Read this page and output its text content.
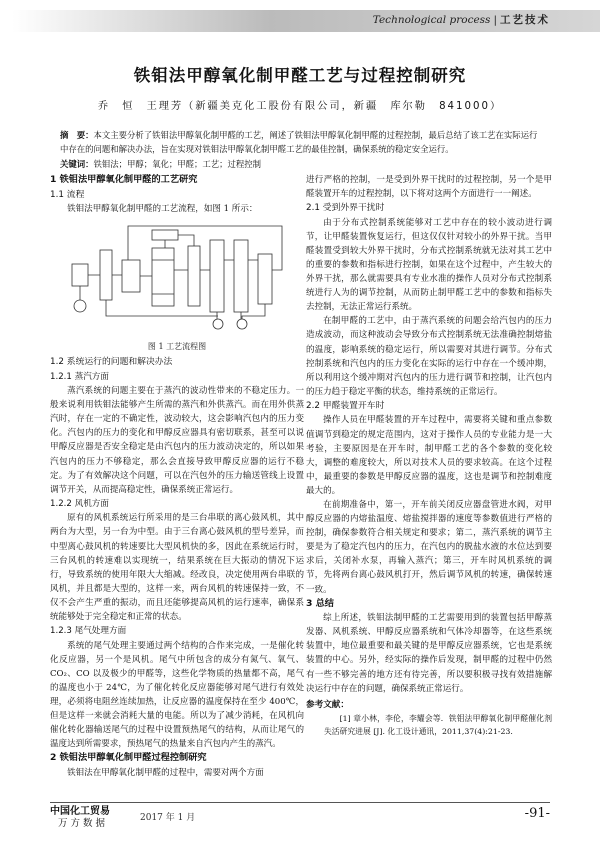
Technological process | 工艺技术
铁钼法甲醇氧化制甲醛工艺与过程控制研究
乔　恒　王理芳（新疆美克化工股份有限公司，新疆　库尔勒　841000）
摘　要：本文主要分析了铁钼法甲醇氧化制甲醛的工艺，阐述了铁钼法甲醇氧化制甲醛的过程控制，最后总结了该工艺在实际运行中存在的问题和解决办法，旨在实现对铁钼法甲醇氧化制甲醛工艺的最佳控制，确保系统的稳定安全运行。
关键词：铁钼法；甲醇；氧化；甲醛；工艺；过程控制
1 铁钼法甲醇氧化制甲醛的工艺研究
1.1 流程

铁钼法甲醇氧化制甲醛的工艺流程，如图 1 所示：

图 1 工艺流程图
1.2 系统运行的问题和解决办法
1.2.1 蒸汽方面

蒸汽系统的问题主要在于蒸汽的波动性带来的不稳定压力。一般来说利用铁钼法能够产生所需的蒸汽和外供蒸汽。而在用外供蒸汽时，存在一定的不确定性，波动较大，这会影响汽包内的压力变化。汽包内的压力的变化和甲醇反应器具有密切联系，甚至可以说甲醇反应器是否安全稳定是由汽包内的压力波动决定的，所以如果汽包内的压力不够稳定，那么会直接导致甲醇反应器的运行不稳定。为了有效解决这个问题，可以在汽包外的压力输送管线上设置调节开关，从而提高稳定性，确保系统正常运行。

1.2.2 风机方面

原有的风机系统运行所采用的是三台串联的离心鼓风机，其中两台为大型，另一台为中型。由于三台离心鼓风机的型号差异，而中型离心鼓风机的转速要比大型风机快的多，因此在系统运行时，三台风机的转速难以实现统一，结果系统在巨大振动的情况下运行，导致系统的使用年限大大缩减。经改良，决定使用两台串联的风机，并且都是大型的，这样一来，两台风机的转速保持一致，不仅不会产生严重的振动，而且还能够提高风机的运行速率，确保系统能够处于完全稳定和正常的状态。

1.2.3 尾气处理方面

系统的尾气处理主要通过两个结构的合作来完成，一是催化转化反应器，另一个是风机。尾气中所包含的成分有氮气、氧气、CO₂、CO 以及极少的甲醛等，这些化学物质的热量都不高，尾气的温度也小于 24℃，为了催化转化反应器能够对尾气进行有效处理，必须将电阻丝连续加热，让反应器的温度保持在至少 400℃，但是这样一来就会消耗大量的电能。所以为了减少消耗，在风机向催化转化器输送尾气的过程中设置预热尾气的结构，从而让尾气的温度达到所需要求，预热尾气的热量来自汽包内产生的蒸汽。

2 铁钼法甲醇氧化制甲醛过程控制研究

铁钼法在甲醇氧化制甲醛的过程中，需要对两个方面

进行严格的控制，一是受到外界干扰时的过程控制，另一个是甲醛装置开车的过程控制，以下将对这两个方面进行一一阐述。

2.1 受到外界干扰时

由于分布式控制系统能够对工艺中存在的较小波动进行调节，让甲醛装置恢复运行，但这仅仅针对较小的外界干扰。当甲醛装置受到较大外界干扰时，分布式控制系统就无法对其工艺中的重要的参数和指标进行控制，如果在这个过程中，产生较大的外界干扰，那么就需要具有专业水准的操作人员对分布式控制系统进行人为的调节控制，从而防止制甲醛工艺中的参数和指标失去控制，无法正常运行系统。

在制甲醛的工艺中，由于蒸汽系统的问题会给汽包内的压力造成波动，而这种波动会导致分布式控制系统无法准确控制熔盐的温度，影响系统的稳定运行，所以需要对其进行调节。分布式控制系统和汽包内的压力变化在实际的运行中存在一个缓冲期，所以利用这个缓冲期对汽包内的压力进行调节和控制，让汽包内的压力趋于稳定平衡的状态，维持系统的正常运行。

2.2 甲醛装置开车时

操作人员在甲醛装置的开车过程中，需要将关键和重点参数值调节到稳定的规定范围内，这对于操作人员的专业能力是一大考验，主要原因是在开车时，制甲醛工艺的各个参数的变化较大，调整的难度较大，所以对技术人员的要求较高。在这个过程中，最重要的参数是甲醇反应器的温度，这也是调节和控制难度最大的。

在前期准备中，第一，开车前关闭反应器盘管进水阀，对甲醇反应器的内熔盐温度、熔盐搅拌器的速度等参数值进行严格的控制，确保参数符合相关规定和要求；第二，蒸汽系统的调节主要是为了稳定汽包内的压力，在汽包内的脱盐水液的水位达到要求后，关闭补水泵，再输入蒸汽；第三，开车时风机系统的调节，先将两台离心鼓风机打开，然后调节风机的转速，确保转速一致。

3 总结

综上所述，铁钼法制甲醛的工艺需要用到的装置包括甲醇蒸发器、风机系统、甲醇反应器系统和气体冷却器等，在这些系统装置中，地位最重要和最关键的是甲醇反应器系统，它也是系统装置的中心。另外，经实际的操作后发现，制甲醛的过程中仍然有一些不够完善的地方还有待完善，所以要积极寻找有效措施解决运行中存在的问题，确保系统正常运行。

参考文献：

[1] 章小林，李伦，李耀会等．铁钼法甲醇氧化制甲醛催化剂失活研究进展 [J]. 化工设计通讯，2011,37(4):21-23.

中国化工贸易
万方数据	2017 年 1 月	-91-
